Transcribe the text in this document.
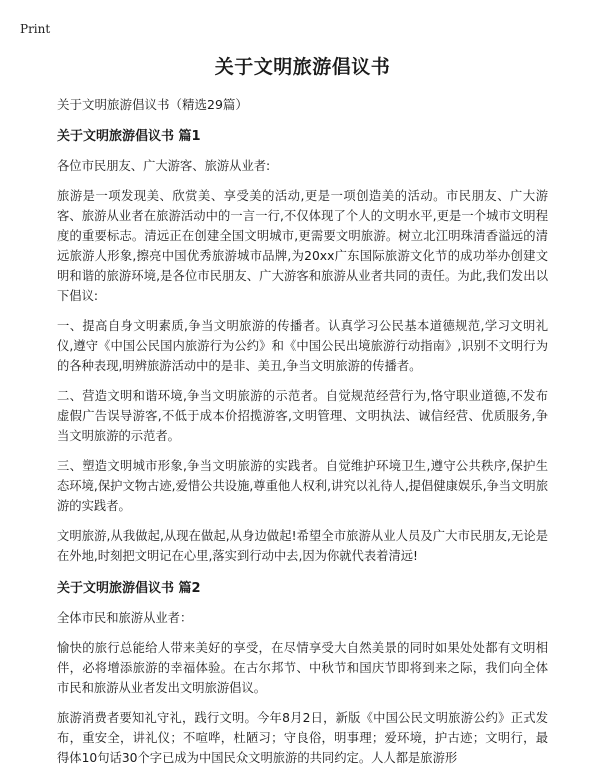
Print
关于文明旅游倡议书
关于文明旅游倡议书（精选29篇）
关于文明旅游倡议书 篇1
各位市民朋友、广大游客、旅游从业者:
旅游是一项发现美、欣赏美、享受美的活动,更是一项创造美的活动。市民朋友、广大游客、旅游从业者在旅游活动中的一言一行,不仅体现了个人的文明水平,更是一个城市文明程度的重要标志。清远正在创建全国文明城市,更需要文明旅游。树立北江明珠清香溢远的清远旅游人形象,擦亮中国优秀旅游城市品牌,为20xx广东国际旅游文化节的成功举办创建文明和谐的旅游环境,是各位市民朋友、广大游客和旅游从业者共同的责任。为此,我们发出以下倡议:
一、提高自身文明素质,争当文明旅游的传播者。认真学习公民基本道德规范,学习文明礼仪,遵守《中国公民国内旅游行为公约》和《中国公民出境旅游行动指南》,识别不文明行为的各种表现,明辨旅游活动中的是非、美丑,争当文明旅游的传播者。
二、营造文明和谐环境,争当文明旅游的示范者。自觉规范经营行为,恪守职业道德,不发布虚假广告误导游客,不低于成本价招揽游客,文明管理、文明执法、诚信经营、优质服务,争当文明旅游的示范者。
三、塑造文明城市形象,争当文明旅游的实践者。自觉维护环境卫生,遵守公共秩序,保护生态环境,保护文物古迹,爱惜公共设施,尊重他人权利,讲究以礼待人,提倡健康娱乐,争当文明旅游的实践者。
文明旅游,从我做起,从现在做起,从身边做起!希望全市旅游从业人员及广大市民朋友,无论是在外地,时刻把文明记在心里,落实到行动中去,因为你就代表着清远!
关于文明旅游倡议书 篇2
全体市民和旅游从业者：
愉快的旅行总能给人带来美好的享受，在尽情享受大自然美景的同时如果处处都有文明相伴，必将增添旅游的幸福体验。在古尔邦节、中秋节和国庆节即将到来之际，我们向全体市民和旅游从业者发出文明旅游倡议。
旅游消费者要知礼守礼，践行文明。今年8月2日，新版《中国公民文明旅游公约》正式发布，重安全，讲礼仪；不喧哗，杜陋习；守良俗，明事理；爱环境，护古迹；文明行，最得体10句话30个字已成为中国民众文明旅游的共同约定。人人都是旅游形
